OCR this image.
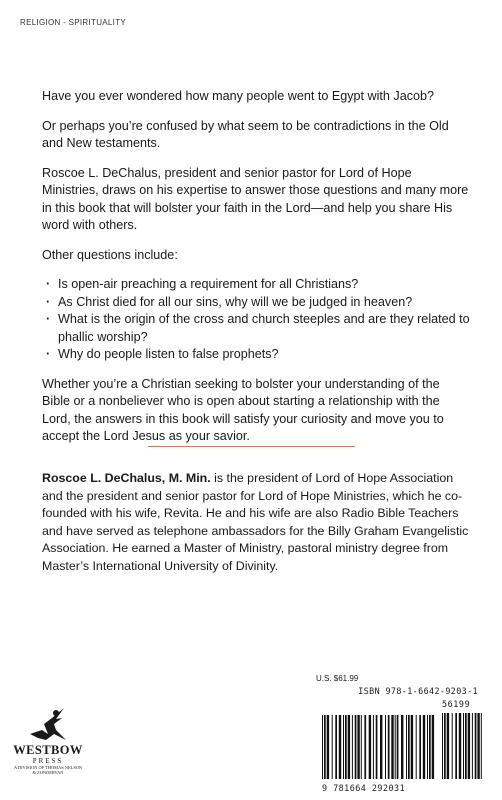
RELIGION - SPIRITUALITY

Have you ever wondered how many people went to Egypt with Jacob?

Or perhaps you’re confused by what seem to be contradictions in the Old and New testaments.

Roscoe L. DeChalus, president and senior pastor for Lord of Hope Ministries, draws on his expertise to answer those questions and many more in this book that will bolster your faith in the Lord—and help you share His word with others.

Other questions include:

· Is open-air preaching a requirement for all Christians?
· As Christ died for all our sins, why will we be judged in heaven?
· What is the origin of the cross and church steeples and are they related to phallic worship?
· Why do people listen to false prophets?

Whether you’re a Christian seeking to bolster your understanding of the Bible or a nonbeliever who is open about starting a relationship with the Lord, the answers in this book will satisfy your curiosity and move you to accept the Lord Jesus as your savior.

Roscoe L. DeChalus, M. Min. is the president of Lord of Hope Association and the president and senior pastor for Lord of Hope Ministries, which he co-founded with his wife, Revita. He and his wife are also Radio Bible Teachers and have served as telephone ambassadors for the Billy Graham Evangelistic Association. He earned a Master of Ministry, pastoral ministry degree from Master’s International University of Divinity.
WESTBOW
PRESS
A DIVISION OF THOMAS NELSON
& ZONDERVAN
U.S. $61.99
ISBN 978-1-6642-9203-1
56199
9 781664 292031
